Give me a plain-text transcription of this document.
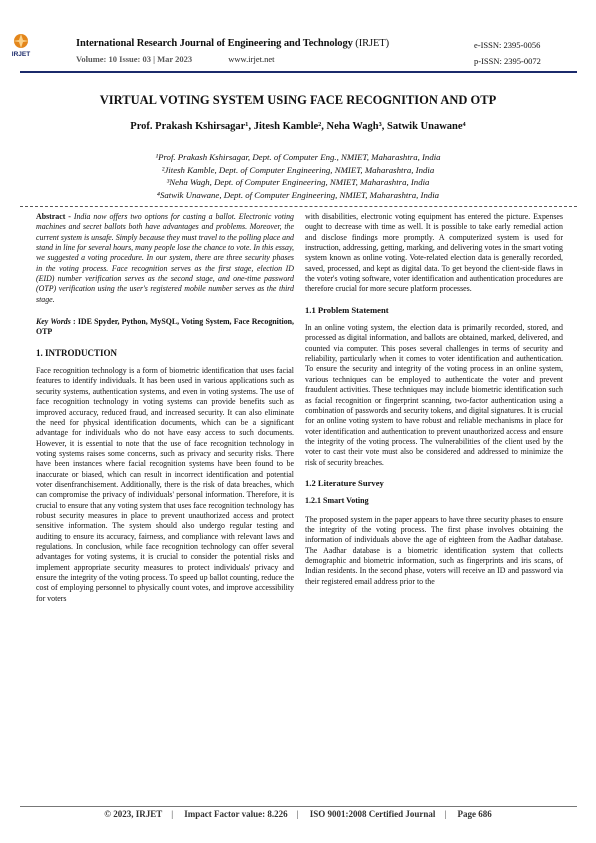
IRJET
International Research Journal of Engineering and Technology (IRJET)
Volume: 10 Issue: 03 | Mar 2023	www.irjet.net
e-ISSN: 2395-0056
p-ISSN: 2395-0072
VIRTUAL VOTING SYSTEM USING FACE RECOGNITION AND OTP
Prof. Prakash Kshirsagar¹, Jitesh Kamble², Neha Wagh³, Satwik Unawane⁴
¹Prof. Prakash Kshirsagar, Dept. of Computer Eng., NMIET, Maharashtra, India
²Jitesh Kamble, Dept. of Computer Engineering, NMIET, Maharashtra, India
³Neha Wagh, Dept. of Computer Engineering, NMIET, Maharashtra, India
⁴Satwik Unawane, Dept. of Computer Engineering, NMIET, Maharashtra, India

Abstract - India now offers two options for casting a ballot. Electronic voting machines and secret ballots both have advantages and problems. Moreover, the current system is unsafe. Simply because they must travel to the polling place and stand in line for several hours, many people lose the chance to vote. In this essay, we suggested a voting procedure. In our system, there are three security phases in the voting process. Face recognition serves as the first stage, election ID (EID) number verification serves as the second stage, and one-time password (OTP) verification using the user's registered mobile number serves as the third stage.

Key Words : IDE Spyder, Python, MySQL, Voting System, Face Recognition, OTP

1. INTRODUCTION

Face recognition technology is a form of biometric identification that uses facial features to identify individuals. It has been used in various applications such as security systems, authentication systems, and even in voting systems. The use of face recognition technology in voting systems can provide benefits such as improved accuracy, reduced fraud, and increased security. It can also eliminate the need for physical identification documents, which can be a significant advantage for individuals who do not have easy access to such documents. However, it is essential to note that the use of face recognition technology in voting systems raises some concerns, such as privacy and security risks. There have been instances where facial recognition systems have been found to be inaccurate or biased, which can result in incorrect identification and potential voter disenfranchisement. Additionally, there is the risk of data breaches, which can compromise the privacy of individuals' personal information. Therefore, it is crucial to ensure that any voting system that uses face recognition technology has robust security measures in place to prevent unauthorized access and protect sensitive information. The system should also undergo regular testing and auditing to ensure its accuracy, fairness, and compliance with relevant laws and regulations. In conclusion, while face recognition technology can offer several advantages for voting systems, it is crucial to consider the potential risks and implement appropriate security measures to protect individuals' privacy and ensure the integrity of the voting process. To speed up ballot counting, reduce the cost of employing personnel to physically count votes, and improve accessibility for voters

with disabilities, electronic voting equipment has entered the picture. Expenses ought to decrease with time as well. It is possible to take early remedial action and disclose findings more promptly. A computerized system is used for instruction, addressing, getting, marking, and delivering votes in the smart voting system known as online voting. Vote-related election data is generally recorded, saved, processed, and kept as digital data. To get beyond the client-side flaws in the voter's voting software, voter identification and authentication procedures are therefore crucial for more secure platform processes.

1.1 Problem Statement

In an online voting system, the election data is primarily recorded, stored, and processed as digital information, and ballots are obtained, marked, delivered, and counted via computer. This poses several challenges in terms of security and reliability, particularly when it comes to voter identification and authentication. To ensure the security and integrity of the voting process in an online system, various techniques can be employed to authenticate the voter and prevent fraudulent activities. These techniques may include biometric identification such as facial recognition or fingerprint scanning, two-factor authentication using a combination of passwords and security tokens, and digital signatures. It is crucial for an online voting system to have robust and reliable mechanisms in place for voter identification and authentication to prevent unauthorized access and ensure the integrity of the voting process. The vulnerabilities of the client used by the voter to cast their vote must also be considered and addressed to minimize the risk of security breaches.

1.2 Literature Survey
1.2.1 Smart Voting

The proposed system in the paper appears to have three security phases to ensure the integrity of the voting process. The first phase involves obtaining the information of individuals above the age of eighteen from the Aadhar database. The Aadhar database is a biometric identification system that collects demographic and biometric information, such as fingerprints and iris scans, of Indian residents. In the second phase, voters will receive an ID and password via their registered email address prior to the

© 2023, IRJET | Impact Factor value: 8.226 | ISO 9001:2008 Certified Journal | Page 686
